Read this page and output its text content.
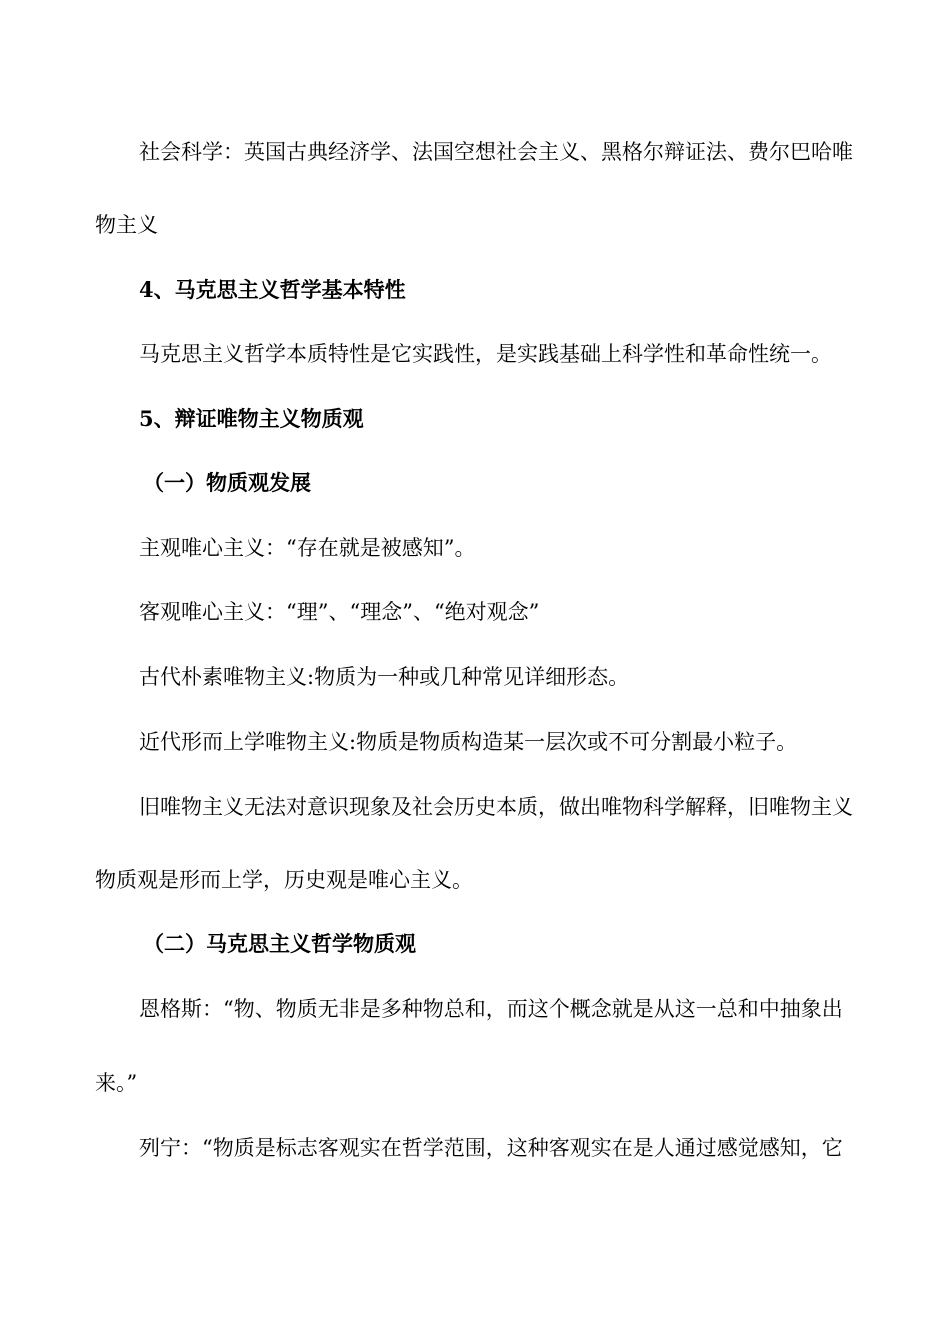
社会科学：英国古典经济学、法国空想社会主义、黑格尔辩证法、费尔巴哈唯

物主义

4、马克思主义哲学基本特性

马克思主义哲学本质特性是它实践性，是实践基础上科学性和革命性统一。

5、辩证唯物主义物质观
（一）物质观发展

主观唯心主义：“存在就是被感知”。

客观唯心主义：“理”、“理念”、“绝对观念”

古代朴素唯物主义:物质为一种或几种常见详细形态。

近代形而上学唯物主义:物质是物质构造某一层次或不可分割最小粒子。

旧唯物主义无法对意识现象及社会历史本质，做出唯物科学解释，旧唯物主义

物质观是形而上学，历史观是唯心主义。

（二）马克思主义哲学物质观

恩格斯：“物、物质无非是多种物总和，而这个概念就是从这一总和中抽象出

来。”

列宁：“物质是标志客观实在哲学范围，这种客观实在是人通过感觉感知，它
